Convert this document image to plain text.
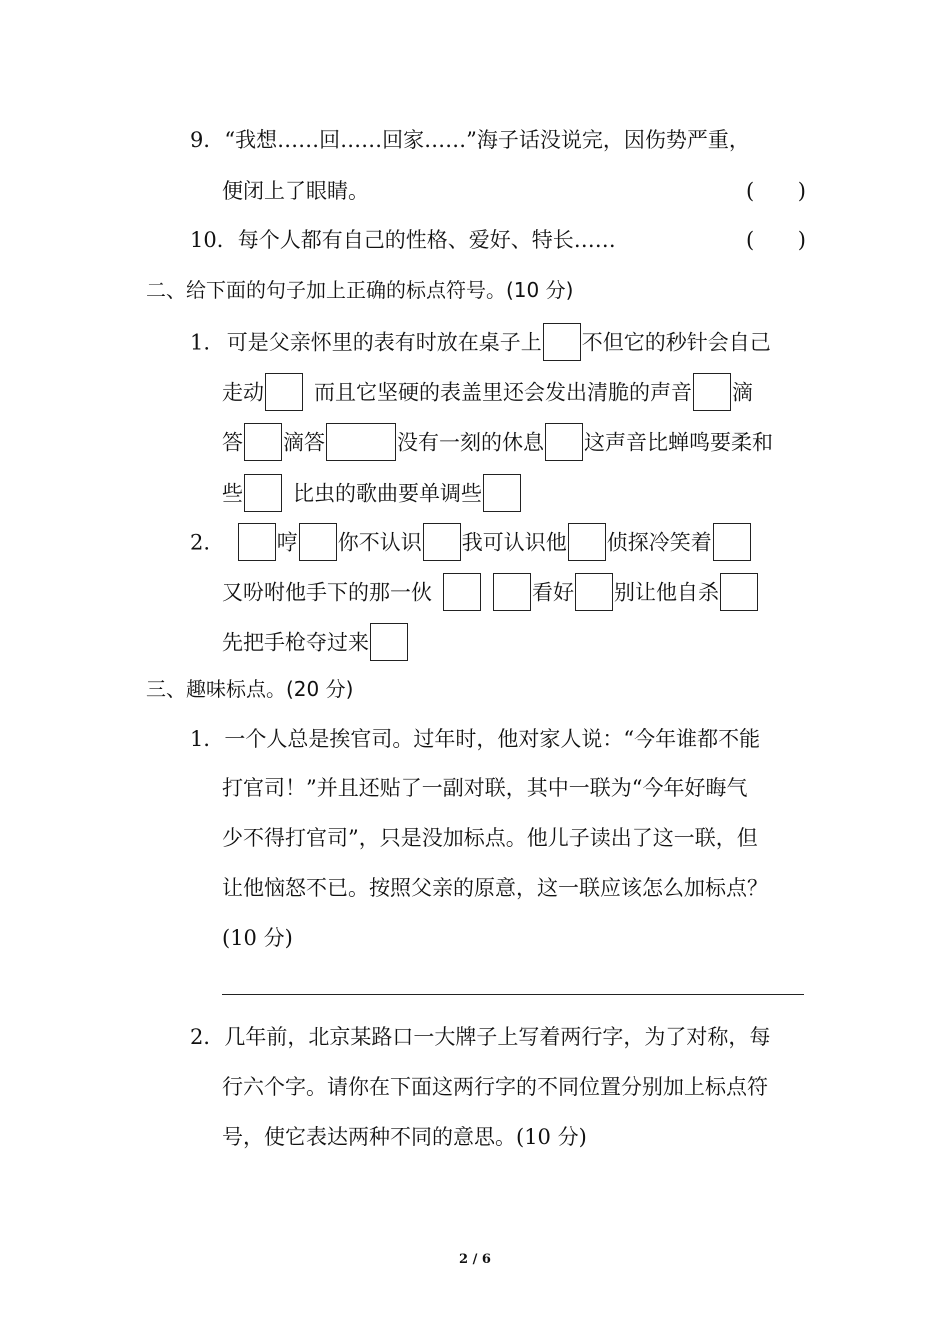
9．“我想……回……回家……”海子话没说完，因伤势严重，
便闭上了眼睛。	( )
10．每个人都有自己的性格、爱好、特长……	( )
二、给下面的句子加上正确的标点符号。(10 分)
1. 可是父亲怀里的表有时放在桌子上 不但它的秒针会自己
走动 而且它坚硬的表盖里还会发出清脆的声音 滴
答 滴答	没有一刻的休息 这声音比蝉鸣要柔和
些 比虫的歌曲要单调些
2.	哼 你不认识 我可认识他 侦探冷笑着
又吩咐他手下的那一伙	看好 别让他自杀
先把手枪夺过来
三、趣味标点。(20 分)
1．一个人总是挨官司。过年时，他对家人说：“今年谁都不能
打官司！”并且还贴了一副对联，其中一联为“今年好晦气
少不得打官司”，只是没加标点。他儿子读出了这一联，但
让他恼怒不已。按照父亲的原意，这一联应该怎么加标点？
(10 分)
2．几年前，北京某路口一大牌子上写着两行字，为了对称，每
行六个字。请你在下面这两行字的不同位置分别加上标点符
号，使它表达两种不同的意思。(10 分)
2 / 6
